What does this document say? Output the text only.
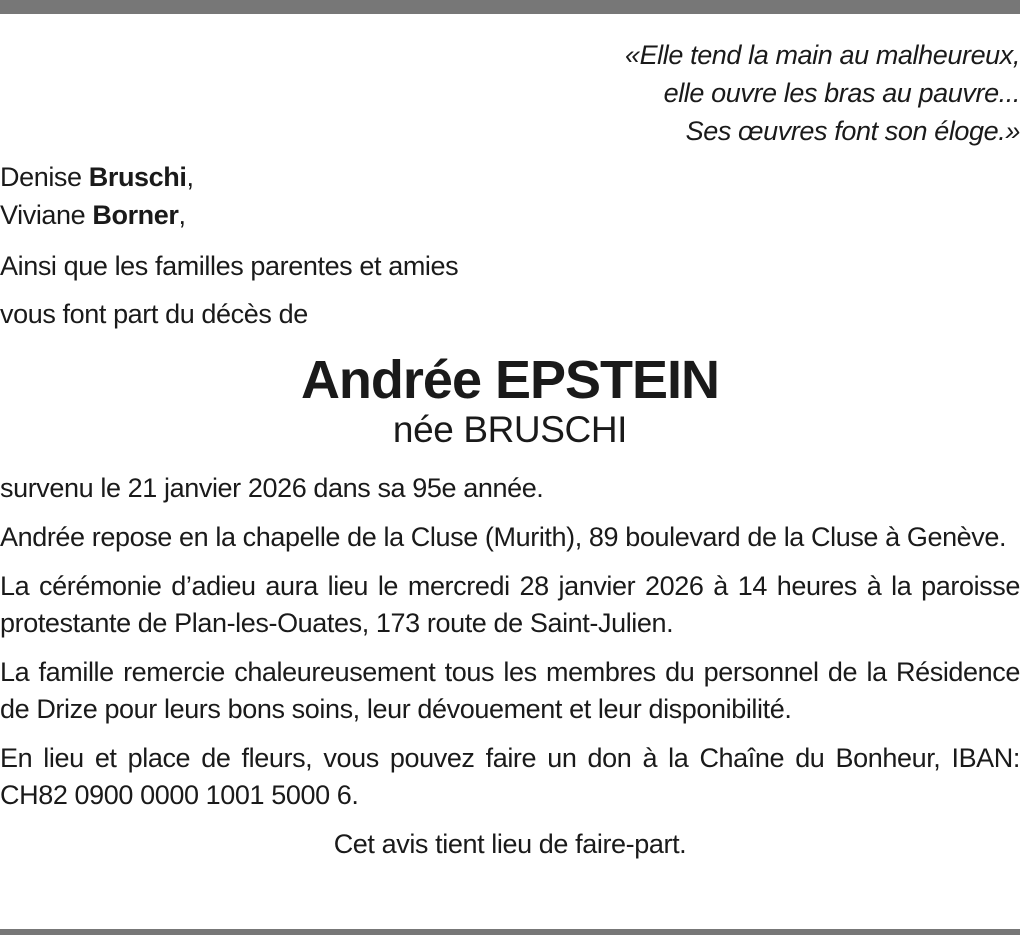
«Elle tend la main au malheureux,
elle ouvre les bras au pauvre...
Ses œuvres font son éloge.»
Denise Bruschi,
Viviane Borner,
Ainsi que les familles parentes et amies
vous font part du décès de
Andrée EPSTEIN
née BRUSCHI

survenu le 21 janvier 2026 dans sa 95e année.

Andrée repose en la chapelle de la Cluse (Murith), 89 boulevard de la Cluse à Genève.

La cérémonie d’adieu aura lieu le mercredi 28 janvier 2026 à 14 heures à la paroisse protestante de Plan-les-Ouates, 173 route de Saint-Julien.

La famille remercie chaleureusement tous les membres du personnel de la Résidence de Drize pour leurs bons soins, leur dévouement et leur disponibilité.

En lieu et place de fleurs, vous pouvez faire un don à la Chaîne du Bonheur, IBAN: CH82 0900 0000 1001 5000 6.

Cet avis tient lieu de faire-part.
